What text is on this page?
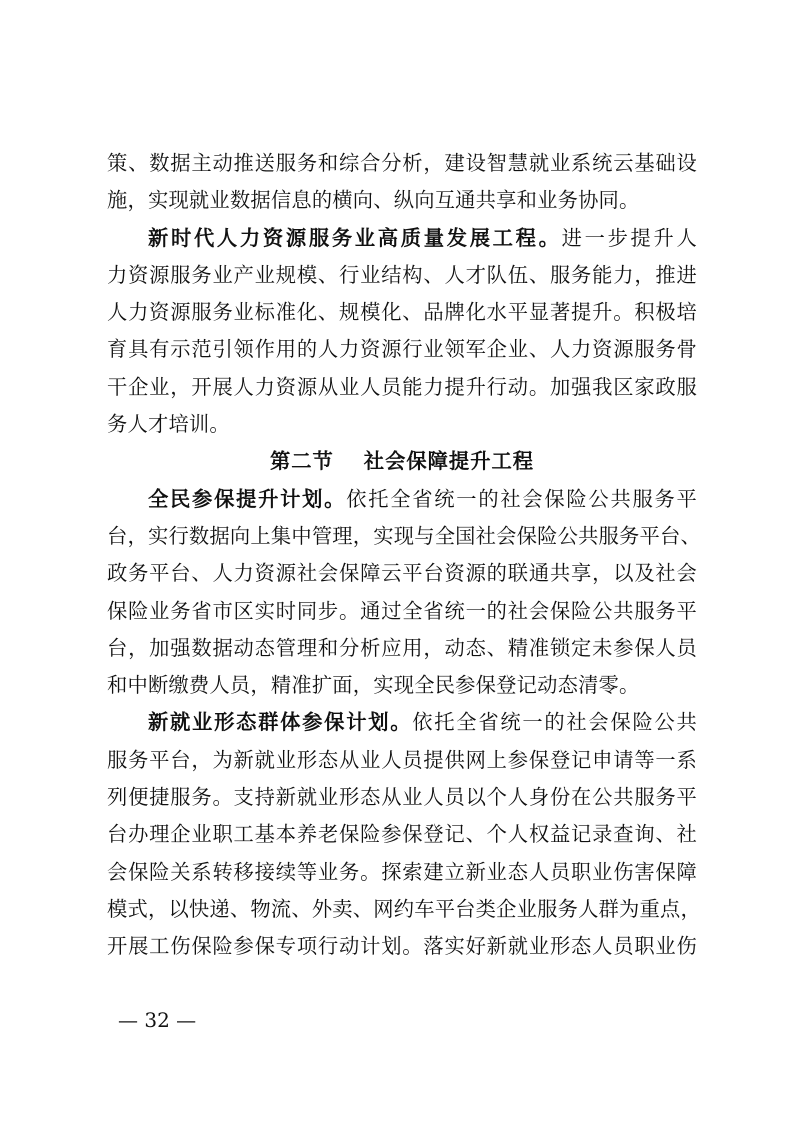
策、数据主动推送服务和综合分析，建设智慧就业系统云基础设
施，实现就业数据信息的横向、纵向互通共享和业务协同。
新时代人力资源服务业高质量发展工程。进一步提升人
力资源服务业产业规模、行业结构、人才队伍、服务能力，推进
人力资源服务业标准化、规模化、品牌化水平显著提升。积极培
育具有示范引领作用的人力资源行业领军企业、人力资源服务骨
干企业，开展人力资源从业人员能力提升行动。加强我区家政服
务人才培训。
第二节 社会保障提升工程
全民参保提升计划。依托全省统一的社会保险公共服务平
台，实行数据向上集中管理，实现与全国社会保险公共服务平台、
政务平台、人力资源社会保障云平台资源的联通共享，以及社会
保险业务省市区实时同步。通过全省统一的社会保险公共服务平
台，加强数据动态管理和分析应用，动态、精准锁定未参保人员
和中断缴费人员，精准扩面，实现全民参保登记动态清零。
新就业形态群体参保计划。依托全省统一的社会保险公共
服务平台，为新就业形态从业人员提供网上参保登记申请等一系
列便捷服务。支持新就业形态从业人员以个人身份在公共服务平
台办理企业职工基本养老保险参保登记、个人权益记录查询、社
会保险关系转移接续等业务。探索建立新业态人员职业伤害保障
模式，以快递、物流、外卖、网约车平台类企业服务人群为重点，
开展工伤保险参保专项行动计划。落实好新就业形态人员职业伤
— 32 —
